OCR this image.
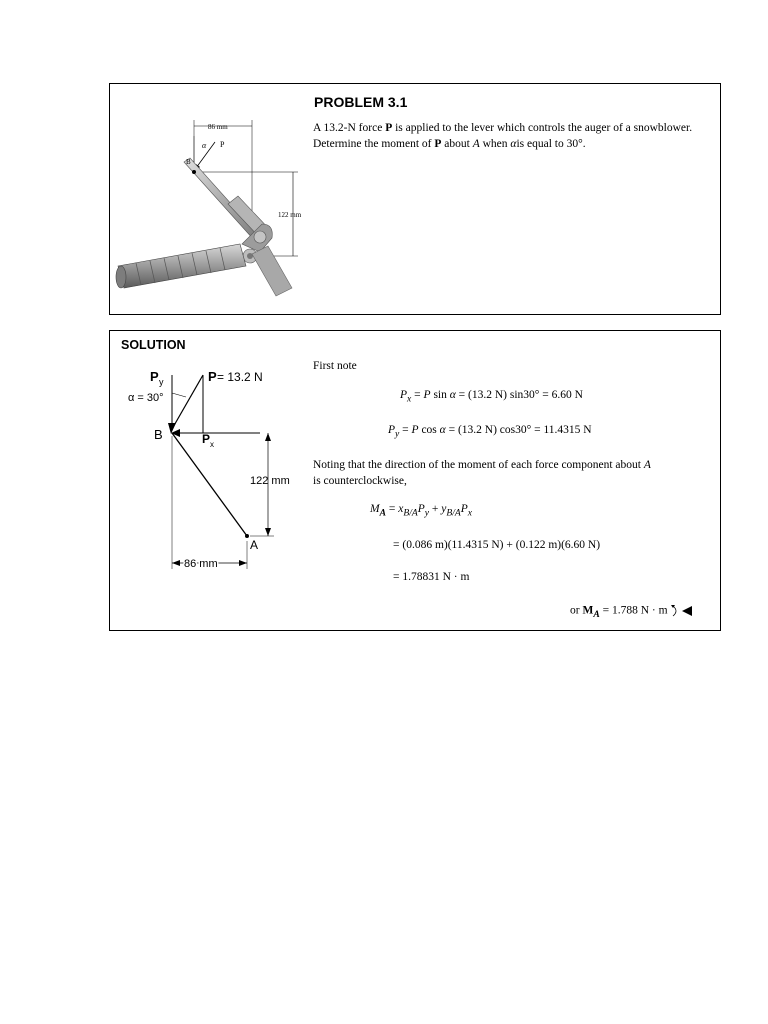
86 mm
122 mm
α P
B
PROBLEM 3.1
A 13.2-N force P is applied to the lever which controls the auger of a snowblower. Determine the moment of P about A when αis equal to 30°.
SOLUTION
P y	P = 13.2 N
α = 30°
B	P x
122 mm
A
86 mm
First note
$P_x = P$ sin α = (13.2 N) sin30° = 6.60 N
$P_y = P$ cos α = (13.2 N) cos30° = 11.4315 N
Noting that the direction of the moment of each force component about A
is counterclockwise,
$M_A = x_{B/A}P_y + y_{B/A}P_x$
= (0.086 m)(11.4315 N) + (0.122 m)(6.60 N)
= 1.78831 N · m
or $M_A = 1.788$ N · m
